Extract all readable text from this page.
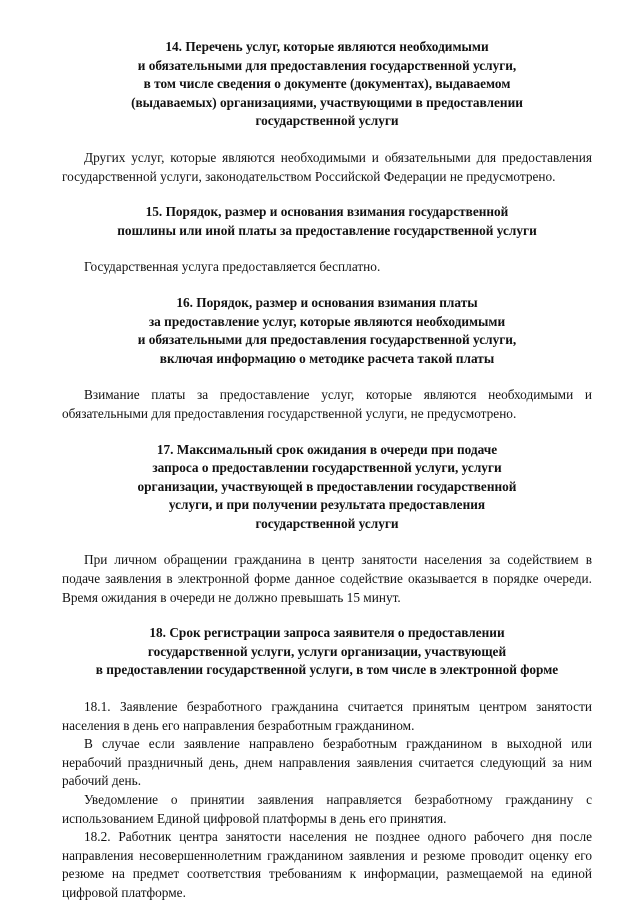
14. Перечень услуг, которые являются необходимыми
и обязательными для предоставления государственной услуги,
в том числе сведения о документе (документах), выдаваемом
(выдаваемых) организациями, участвующими в предоставлении
государственной услуги

Других услуг, которые являются необходимыми и обязательными для предоставления государственной услуги, законодательством Российской Федерации не предусмотрено.

15. Порядок, размер и основания взимания государственной
пошлины или иной платы за предоставление государственной услуги

Государственная услуга предоставляется бесплатно.

16. Порядок, размер и основания взимания платы
за предоставление услуг, которые являются необходимыми
и обязательными для предоставления государственной услуги,
включая информацию о методике расчета такой платы

Взимание платы за предоставление услуг, которые являются необходимыми и обязательными для предоставления государственной услуги, не предусмотрено.

17. Максимальный срок ожидания в очереди при подаче
запроса о предоставлении государственной услуги, услуги
организации, участвующей в предоставлении государственной
услуги, и при получении результата предоставления
государственной услуги

При личном обращении гражданина в центр занятости населения за содействием в подаче заявления в электронной форме данное содействие оказывается в порядке очереди. Время ожидания в очереди не должно превышать 15 минут.

18. Срок регистрации запроса заявителя о предоставлении
государственной услуги, услуги организации, участвующей
в предоставлении государственной услуги, в том числе в электронной форме

18.1. Заявление безработного гражданина считается принятым центром занятости населения в день его направления безработным гражданином.

В случае если заявление направлено безработным гражданином в выходной или нерабочий праздничный день, днем направления заявления считается следующий за ним рабочий день.

Уведомление о принятии заявления направляется безработному гражданину с использованием Единой цифровой платформы в день его принятия.

18.2. Работник центра занятости населения не позднее одного рабочего дня после направления несовершеннолетним гражданином заявления и резюме проводит оценку его резюме на предмет соответствия требованиям к информации, размещаемой на единой цифровой платформе.
